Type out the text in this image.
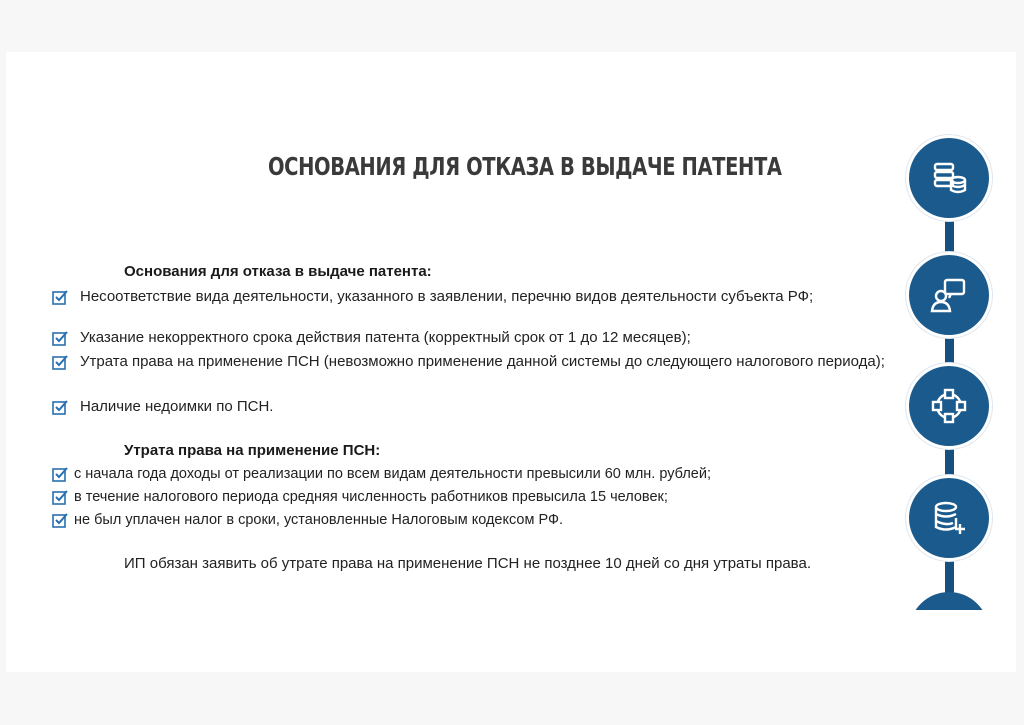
ОСНОВАНИЯ ДЛЯ ОТКАЗА В ВЫДАЧЕ ПАТЕНТА
Основания для отказа в выдаче патента:
Несоответствие вида деятельности, указанного в заявлении, перечню видов деятельности субъекта РФ;
Указание некорректного срока действия патента (корректный срок от 1 до 12 месяцев);
Утрата права на применение ПСН (невозможно применение данной системы до следующего налогового периода);
Наличие недоимки по ПСН.
Утрата права на применение ПСН:
с начала года доходы от реализации по всем видам деятельности превысили 60 млн. рублей;
в течение налогового периода средняя численность работников превысила 15 человек;
не был уплачен налог в сроки, установленные Налоговым кодексом РФ.
ИП обязан заявить об утрате права на применение ПСН не позднее 10 дней со дня утраты права.
